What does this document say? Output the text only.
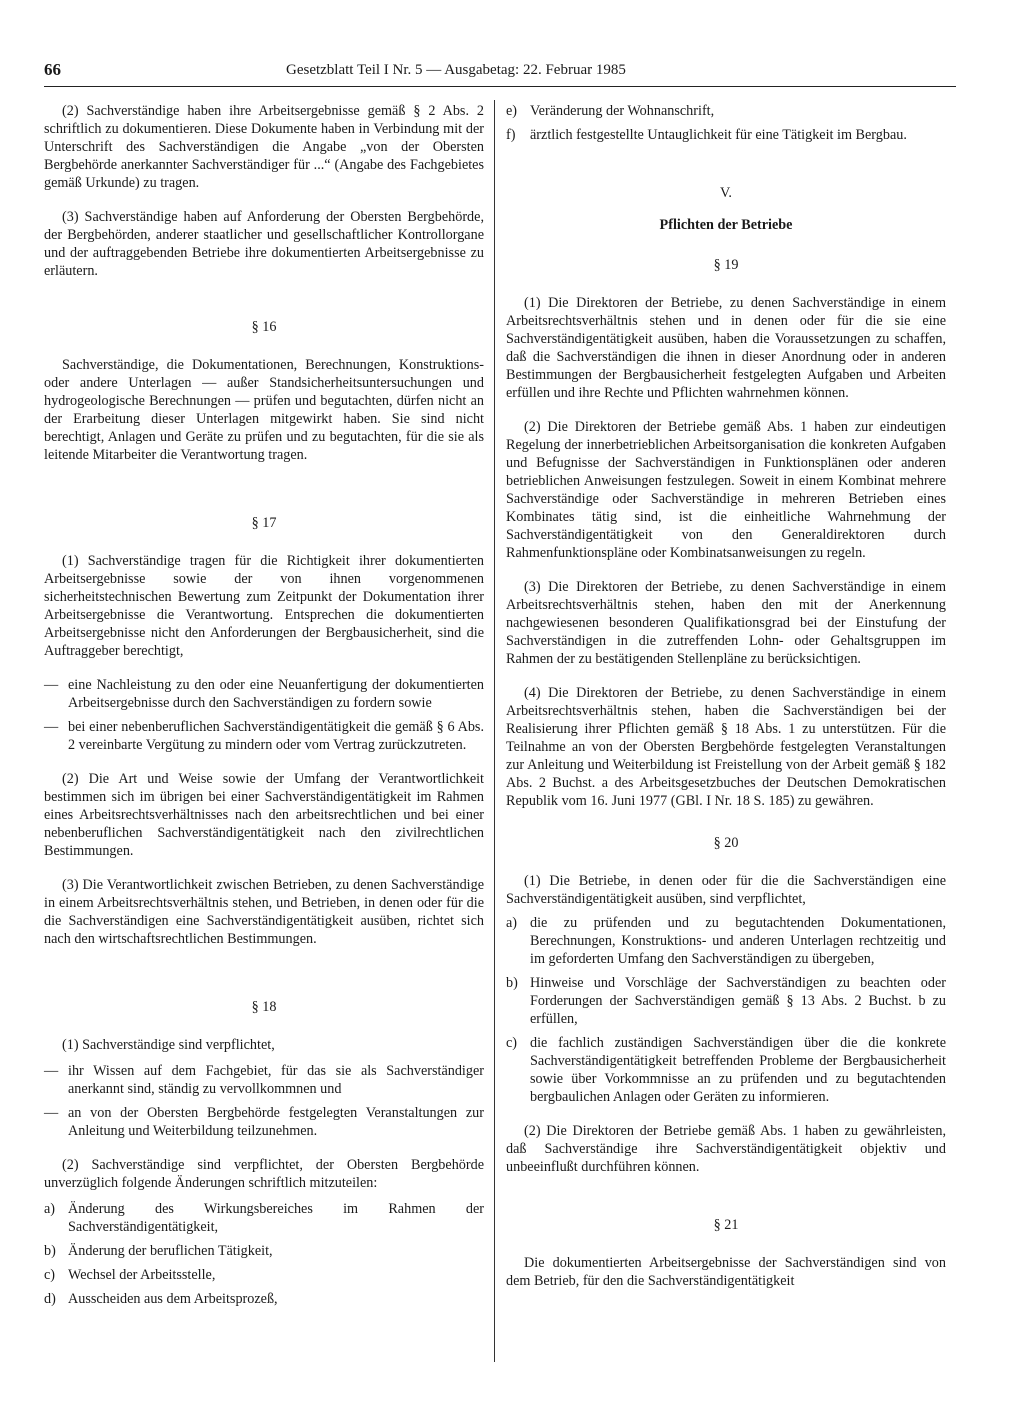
66	Gesetzblatt Teil I Nr. 5 — Ausgabetag: 22. Februar 1985

(2) Sachverständige haben ihre Arbeitsergebnisse gemäß § 2 Abs. 2 schriftlich zu dokumentieren. Diese Dokumente haben in Verbindung mit der Unterschrift des Sachverständigen die Angabe „von der Obersten Bergbehörde anerkannter Sachverständiger für ...“ (Angabe des Fachgebietes gemäß Urkunde) zu tragen.

(3) Sachverständige haben auf Anforderung der Obersten Bergbehörde, der Bergbehörden, anderer staatlicher und gesellschaftlicher Kontrollorgane und der auftraggebenden Betriebe ihre dokumentierten Arbeitsergebnisse zu erläutern.

§ 16

Sachverständige, die Dokumentationen, Berechnungen, Konstruktions- oder andere Unterlagen — außer Standsicherheitsuntersuchungen und hydrogeologische Berechnungen — prüfen und begutachten, dürfen nicht an der Erarbeitung dieser Unterlagen mitgewirkt haben. Sie sind nicht berechtigt, Anlagen und Geräte zu prüfen und zu begutachten, für die sie als leitende Mitarbeiter die Verantwortung tragen.

§ 17

(1) Sachverständige tragen für die Richtigkeit ihrer dokumentierten Arbeitsergebnisse sowie der von ihnen vorgenommenen sicherheitstechnischen Bewertung zum Zeitpunkt der Dokumentation ihrer Arbeitsergebnisse die Verantwortung. Entsprechen die dokumentierten Arbeitsergebnisse nicht den Anforderungen der Bergbausicherheit, sind die Auftraggeber berechtigt,

— eine Nachleistung zu den oder eine Neuanfertigung der dokumentierten Arbeitsergebnisse durch den Sachverständigen zu fordern sowie
— bei einer nebenberuflichen Sachverständigentätigkeit die gemäß § 6 Abs. 2 vereinbarte Vergütung zu mindern oder vom Vertrag zurückzutreten.

(2) Die Art und Weise sowie der Umfang der Verantwortlichkeit bestimmen sich im übrigen bei einer Sachverständigentätigkeit im Rahmen eines Arbeitsrechtsverhältnisses nach den arbeitsrechtlichen und bei einer nebenberuflichen Sachverständigentätigkeit nach den zivilrechtlichen Bestimmungen.

(3) Die Verantwortlichkeit zwischen Betrieben, zu denen Sachverständige in einem Arbeitsrechtsverhältnis stehen, und Betrieben, in denen oder für die die Sachverständigen eine Sachverständigentätigkeit ausüben, richtet sich nach den wirtschaftsrechtlichen Bestimmungen.

§ 18

(1) Sachverständige sind verpflichtet,

— ihr Wissen auf dem Fachgebiet, für das sie als Sachverständiger anerkannt sind, ständig zu vervollkommnen und
— an von der Obersten Bergbehörde festgelegten Veranstaltungen zur Anleitung und Weiterbildung teilzunehmen.

(2) Sachverständige sind verpflichtet, der Obersten Bergbehörde unverzüglich folgende Änderungen schriftlich mitzuteilen:

a) Änderung des Wirkungsbereiches im Rahmen der Sachverständigentätigkeit,
b) Änderung der beruflichen Tätigkeit,
c) Wechsel der Arbeitsstelle,
d) Ausscheiden aus dem Arbeitsprozeß,
e) Veränderung der Wohnanschrift,
f) ärztlich festgestellte Untauglichkeit für eine Tätigkeit im Bergbau.

V.

Pflichten der Betriebe

§ 19

(1) Die Direktoren der Betriebe, zu denen Sachverständige in einem Arbeitsrechtsverhältnis stehen und in denen oder für die sie eine Sachverständigentätigkeit ausüben, haben die Voraussetzungen zu schaffen, daß die Sachverständigen die ihnen in dieser Anordnung oder in anderen Bestimmungen der Bergbausicherheit festgelegten Aufgaben und Arbeiten erfüllen und ihre Rechte und Pflichten wahrnehmen können.

(2) Die Direktoren der Betriebe gemäß Abs. 1 haben zur eindeutigen Regelung der innerbetrieblichen Arbeitsorganisation die konkreten Aufgaben und Befugnisse der Sachverständigen in Funktionsplänen oder anderen betrieblichen Anweisungen festzulegen. Soweit in einem Kombinat mehrere Sachverständige oder Sachverständige in mehreren Betrieben eines Kombinates tätig sind, ist die einheitliche Wahrnehmung der Sachverständigentätigkeit von den Generaldirektoren durch Rahmenfunktionspläne oder Kombinatsanweisungen zu regeln.

(3) Die Direktoren der Betriebe, zu denen Sachverständige in einem Arbeitsrechtsverhältnis stehen, haben den mit der Anerkennung nachgewiesenen besonderen Qualifikationsgrad bei der Einstufung der Sachverständigen in die zutreffenden Lohn- oder Gehaltsgruppen im Rahmen der zu bestätigenden Stellenpläne zu berücksichtigen.

(4) Die Direktoren der Betriebe, zu denen Sachverständige in einem Arbeitsrechtsverhältnis stehen, haben die Sachverständigen bei der Realisierung ihrer Pflichten gemäß § 18 Abs. 1 zu unterstützen. Für die Teilnahme an von der Obersten Bergbehörde festgelegten Veranstaltungen zur Anleitung und Weiterbildung ist Freistellung von der Arbeit gemäß § 182 Abs. 2 Buchst. a des Arbeitsgesetzbuches der Deutschen Demokratischen Republik vom 16. Juni 1977 (GBl. I Nr. 18 S. 185) zu gewähren.

§ 20

(1) Die Betriebe, in denen oder für die die Sachverständigen eine Sachverständigentätigkeit ausüben, sind verpflichtet,

a) die zu prüfenden und zu begutachtenden Dokumentationen, Berechnungen, Konstruktions- und anderen Unterlagen rechtzeitig und im geforderten Umfang den Sachverständigen zu übergeben,
b) Hinweise und Vorschläge der Sachverständigen zu beachten oder Forderungen der Sachverständigen gemäß § 13 Abs. 2 Buchst. b zu erfüllen,
c) die fachlich zuständigen Sachverständigen über die die konkrete Sachverständigentätigkeit betreffenden Probleme der Bergbausicherheit sowie über Vorkommnisse an zu prüfenden und zu begutachtenden bergbaulichen Anlagen oder Geräten zu informieren.

(2) Die Direktoren der Betriebe gemäß Abs. 1 haben zu gewährleisten, daß Sachverständige ihre Sachverständigentätigkeit objektiv und unbeeinflußt durchführen können.

§ 21

Die dokumentierten Arbeitsergebnisse der Sachverständigen sind von dem Betrieb, für den die Sachverständigentätigkeit
